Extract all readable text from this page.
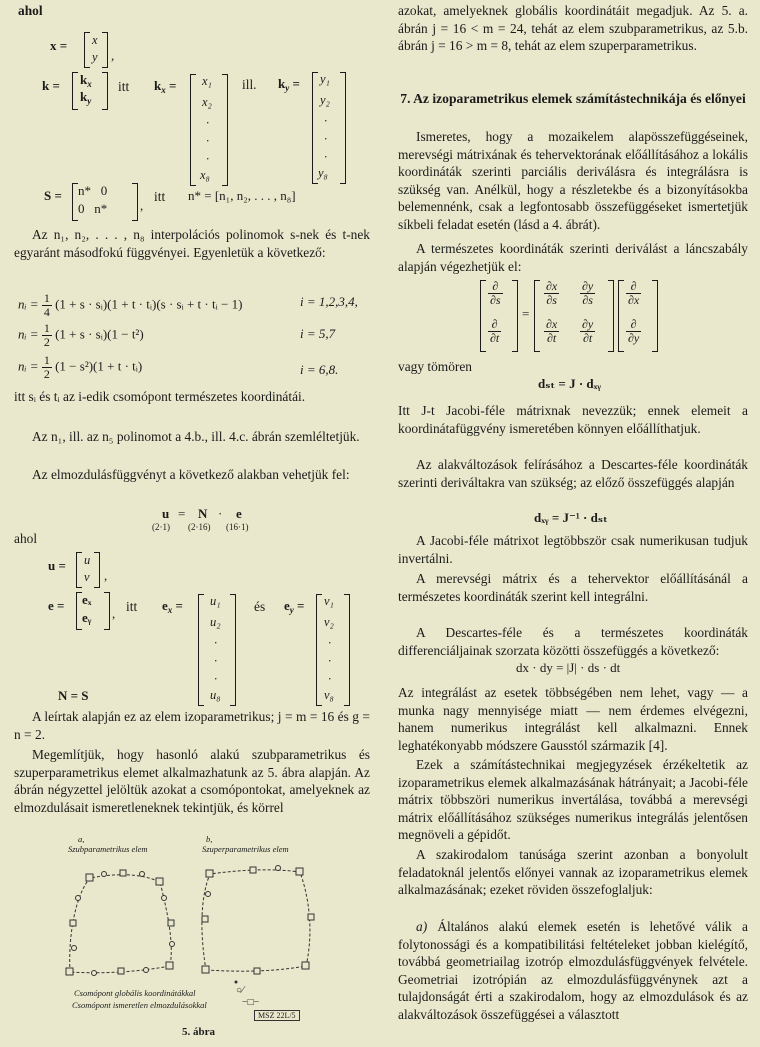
ahol
x = x
y ,
$k = k_x$
$k_y$
itt $k_x = x_1$
x₂
·
·
·
x₈
ill. $k_y = y_1$
y₂
·
·
·
y₈
S = n*   0
0   n*	,
itt n* = [n₁, n₂, . . . , n₈]

Az n₁, n₂, . . . , n₈ interpolációs polinomok s-nek és t-nek egyaránt másodfokú függvényei. Egyenletük a következő:

nᵢ = $\frac{1}{4} (1 + s$ · sᵢ)(1 + t · tᵢ)(s · sᵢ + t · tᵢ − 1)	i = 1,2,3,4,
nᵢ = $\frac{1}{2} (1 + s$ · sᵢ)(1 − t²)	i = 5,7
nᵢ = $\frac{1}{2} (1 - s^2)(1 + t$ · tᵢ)	i = 6,8.

itt sᵢ és tᵢ az i-edik csomópont természetes koordinátái.

Az n₁, ill. az n₅ polinomot a 4.b., ill. 4.c. ábrán szemléltetjük.

Az elmozdulásfüggvényt a következő alakban vehetjük fel:

u = N · e
(2·1) (2·16) (16·1)
ahol
u = u
v ,
e = eₓ
eᵧ , itt $e_x = u_1$
u₂
·
·
·
u₈
és $e_y = v_1$
v₂
·
·
·
v₈
N = S

A leírtak alapján ez az elem izoparametrikus; j = m = 16 és g = n = 2.

Megemlítjük, hogy hasonló alakú szubparametrikus és szuperparametrikus elemet alkalmazhatunk az 5. ábra alapján. Az ábrán négyzettel jelöltük azokat a csomópontokat, amelyeknek az elmozdulásait ismeretleneknek tekintjük, és körrel

a,
Szubparametrikus elem
b,
Szuperparametrikus elem
Csomópont globális koordinátákkal	○⁄
Csomópont ismeretlen elmozdulásokkal	−□−
MSZ 22L/5
5. ábra

azokat, amelyeknek globális koordinátáit megadjuk. Az 5. a. ábrán j = 16 < m = 24, tehát az elem szubparametrikus, az 5.b. ábrán j = 16 > m = 8, tehát az elem szuperparametrikus.

7. Az izoparametrikus elemek számítástechnikája és előnyei

Ismeretes, hogy a mozaikelem alapösszefüggéseinek, merevségi mátrixának és tehervektorának előállításához a lokális koordináták szerinti parciális deriválásra és integrálásra is szükség van. Anélkül, hogy a részletekbe és a bizonyításokba belemennénk, csak a legfontosabb összefüggéseket ismertetjük síkbeli feladat esetén (lásd a 4. ábrát).

A természetes koordináták szerinti deriválást a láncszabály alapján végezhetjük el:

∂
∂s
∂
∂t
=
$\frac{\partial x}{\partial s} \frac{\partial y}{\partial s}$
$\frac{\partial x}{\partial t} \frac{\partial y}{\partial t}$
∂
∂x
∂
∂y
vagy tömören
dₛₜ = J · dₓᵧ

Itt J-t Jacobi-féle mátrixnak nevezzük; ennek elemeit a koordinátafüggvény ismeretében könnyen előállíthatjuk.

Az alakváltozások felírásához a Descartes-féle koordináták szerinti deriváltakra van szükség; az előző összefüggés alapján

dₓᵧ = J⁻¹ · dₛₜ

A Jacobi-féle mátrixot legtöbbször csak numerikusan tudjuk invertálni.

A merevségi mátrix és a tehervektor előállításánál a természetes koordináták szerint kell integrálni.

A Descartes-féle és a természetes koordináták differenciáljainak szorzata közötti összefüggés a következő:

dx · dy = |J| · ds · dt

Az integrálást az esetek többségében nem lehet, vagy — a munka nagy mennyisége miatt — nem érdemes elvégezni, hanem numerikus integrálást kell alkalmazni. Ennek leghatékonyabb módszere Gausstól származik [4].

Ezek a számítástechnikai megjegyzések érzékeltetik az izoparametrikus elemek alkalmazásának hátrányait; a Jacobi-féle mátrix többszöri numerikus invertálása, továbbá a merevségi mátrix előállításához szükséges numerikus integrálás jelentősen megnöveli a gépidőt.

A szakirodalom tanúsága szerint azonban a bonyolult feladatoknál jelentős előnyei vannak az izoparametrikus elemek alkalmazásának; ezeket röviden összefoglaljuk:

a) Általános alakú elemek esetén is lehetővé válik a folytonossági és a kompatibilitási feltételeket jobban kielégítő, továbbá geometriailag izotróp elmozdulásfüggvények felvétele. Geometriai izotrópián az elmozdulásfüggvénynek azt a tulajdonságát érti a szakirodalom, hogy az elmozdulások és az alakváltozások összefüggései a választott
